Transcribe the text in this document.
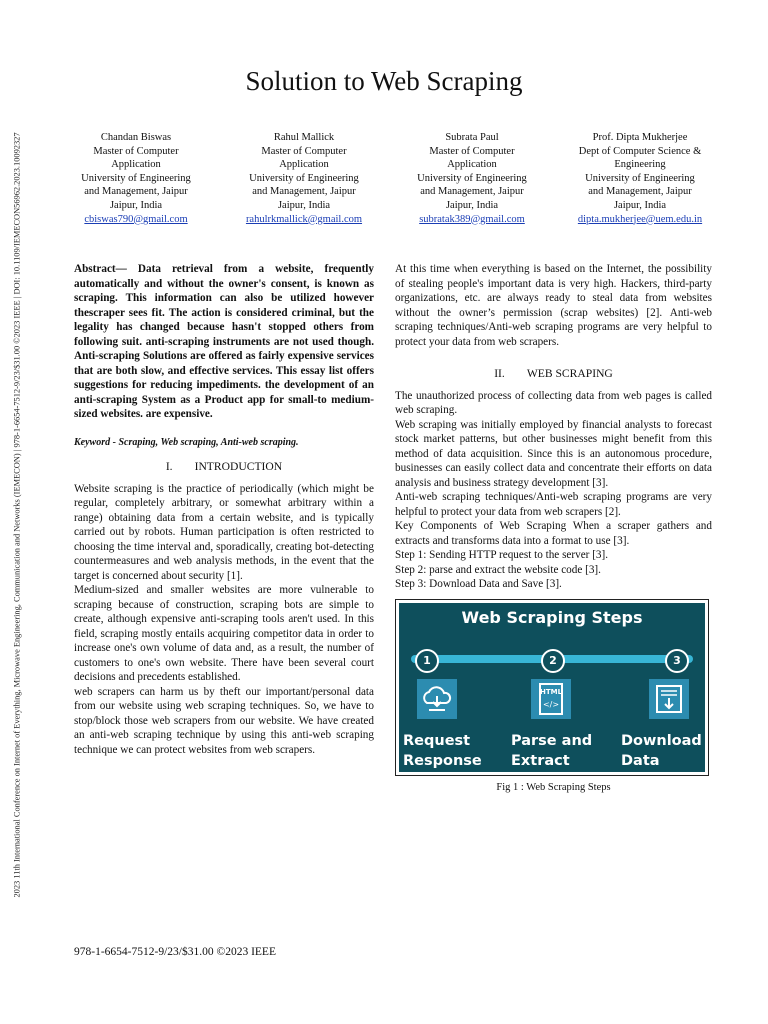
2023 11th International Conference on Internet of Everything, Microwave Engineering, Communication and Networks (IEMECON) | 978-1-6654-7512-9/23/$31.00 ©2023 IEEE | DOI: 10.1109/IEMECON56962.2023.10092327
Solution to Web Scraping
Chandan Biswas
Master of Computer
Application
University of Engineering
and Management, Jaipur
Jaipur, India
cbiswas790@gmail.com
Rahul Mallick
Master of Computer
Application
University of Engineering
and Management, Jaipur
Jaipur, India
rahulrkmallick@gmail.com
Subrata Paul
Master of Computer
Application
University of Engineering
and Management, Jaipur
Jaipur, India
subratak389@gmail.com
Prof. Dipta Mukherjee
Dept of Computer Science &
Engineering
University of Engineering
and Management, Jaipur
Jaipur, India
dipta.mukherjee@uem.edu.in

Abstract— Data retrieval from a website, frequently automatically and without the owner's consent, is known as scraping. This information can also be utilized however thescraper sees fit. The action is considered criminal, but the legality has changed because hasn't stopped others from following suit. anti-scraping instruments are not used though. Anti-scraping Solutions are offered as fairly expensive services that are both slow, and effective services. This essay list offers suggestions for reducing impediments. the development of an anti-scraping System as a Product app for small-to medium-sized websites. are expensive.

Keyword - Scraping, Web scraping, Anti-web scraping.

I. INTRODUCTION

Website scraping is the practice of periodically (which might be regular, completely arbitrary, or somewhat arbitrary within a range) obtaining data from a certain website, and is typically carried out by robots. Human participation is often restricted to choosing the time interval and, sporadically, creating bot-detecting countermeasures and web analysis methods, in the event that the target is concerned about security [1].

Medium-sized and smaller websites are more vulnerable to scraping because of construction, scraping bots are simple to create, although expensive anti-scraping tools aren't used. In this field, scraping mostly entails acquiring competitor data in order to increase one's own volume of data and, as a result, the number of customers to one's own website. There have been several court decisions and precedents established.

web scrapers can harm us by theft our important/personal data from our website using web scraping techniques. So, we have to stop/block those web scrapers from our website. We have created an anti-web scraping technique by using this anti-web scraping technique we can protect websites from web scrapers.

At this time when everything is based on the Internet, the possibility of stealing people's important data is very high. Hackers, third-party organizations, etc. are always ready to steal data from websites without the owner’s permission (scrap websites) [2]. Anti-web scraping techniques/Anti-web scraping programs are very helpful to protect your data from web scrapers.

II. WEB SCRAPING

The unauthorized process of collecting data from web pages is called web scraping.

Web scraping was initially employed by financial analysts to forecast stock market patterns, but other businesses might benefit from this method of data acquisition. Since this is an autonomous procedure, businesses can easily collect data and concentrate their efforts on data analysis and business strategy development [3].

Anti-web scraping techniques/Anti-web scraping programs are very helpful to protect your data from web scrapers [2].

Key Components of Web Scraping When a scraper gathers and extracts and transforms data into a format to use [3].

Step 1: Sending HTTP request to the server [3].

Step 2: parse and extract the website code [3].

Step 3: Download Data and Save [3].

Web Scraping Steps
1	2	3
HTML
</>
Request
Response
Parse and
Extract
Download
Data
Fig 1 : Web Scraping Steps
978-1-6654-7512-9/23/$31.00 ©2023 IEEE
